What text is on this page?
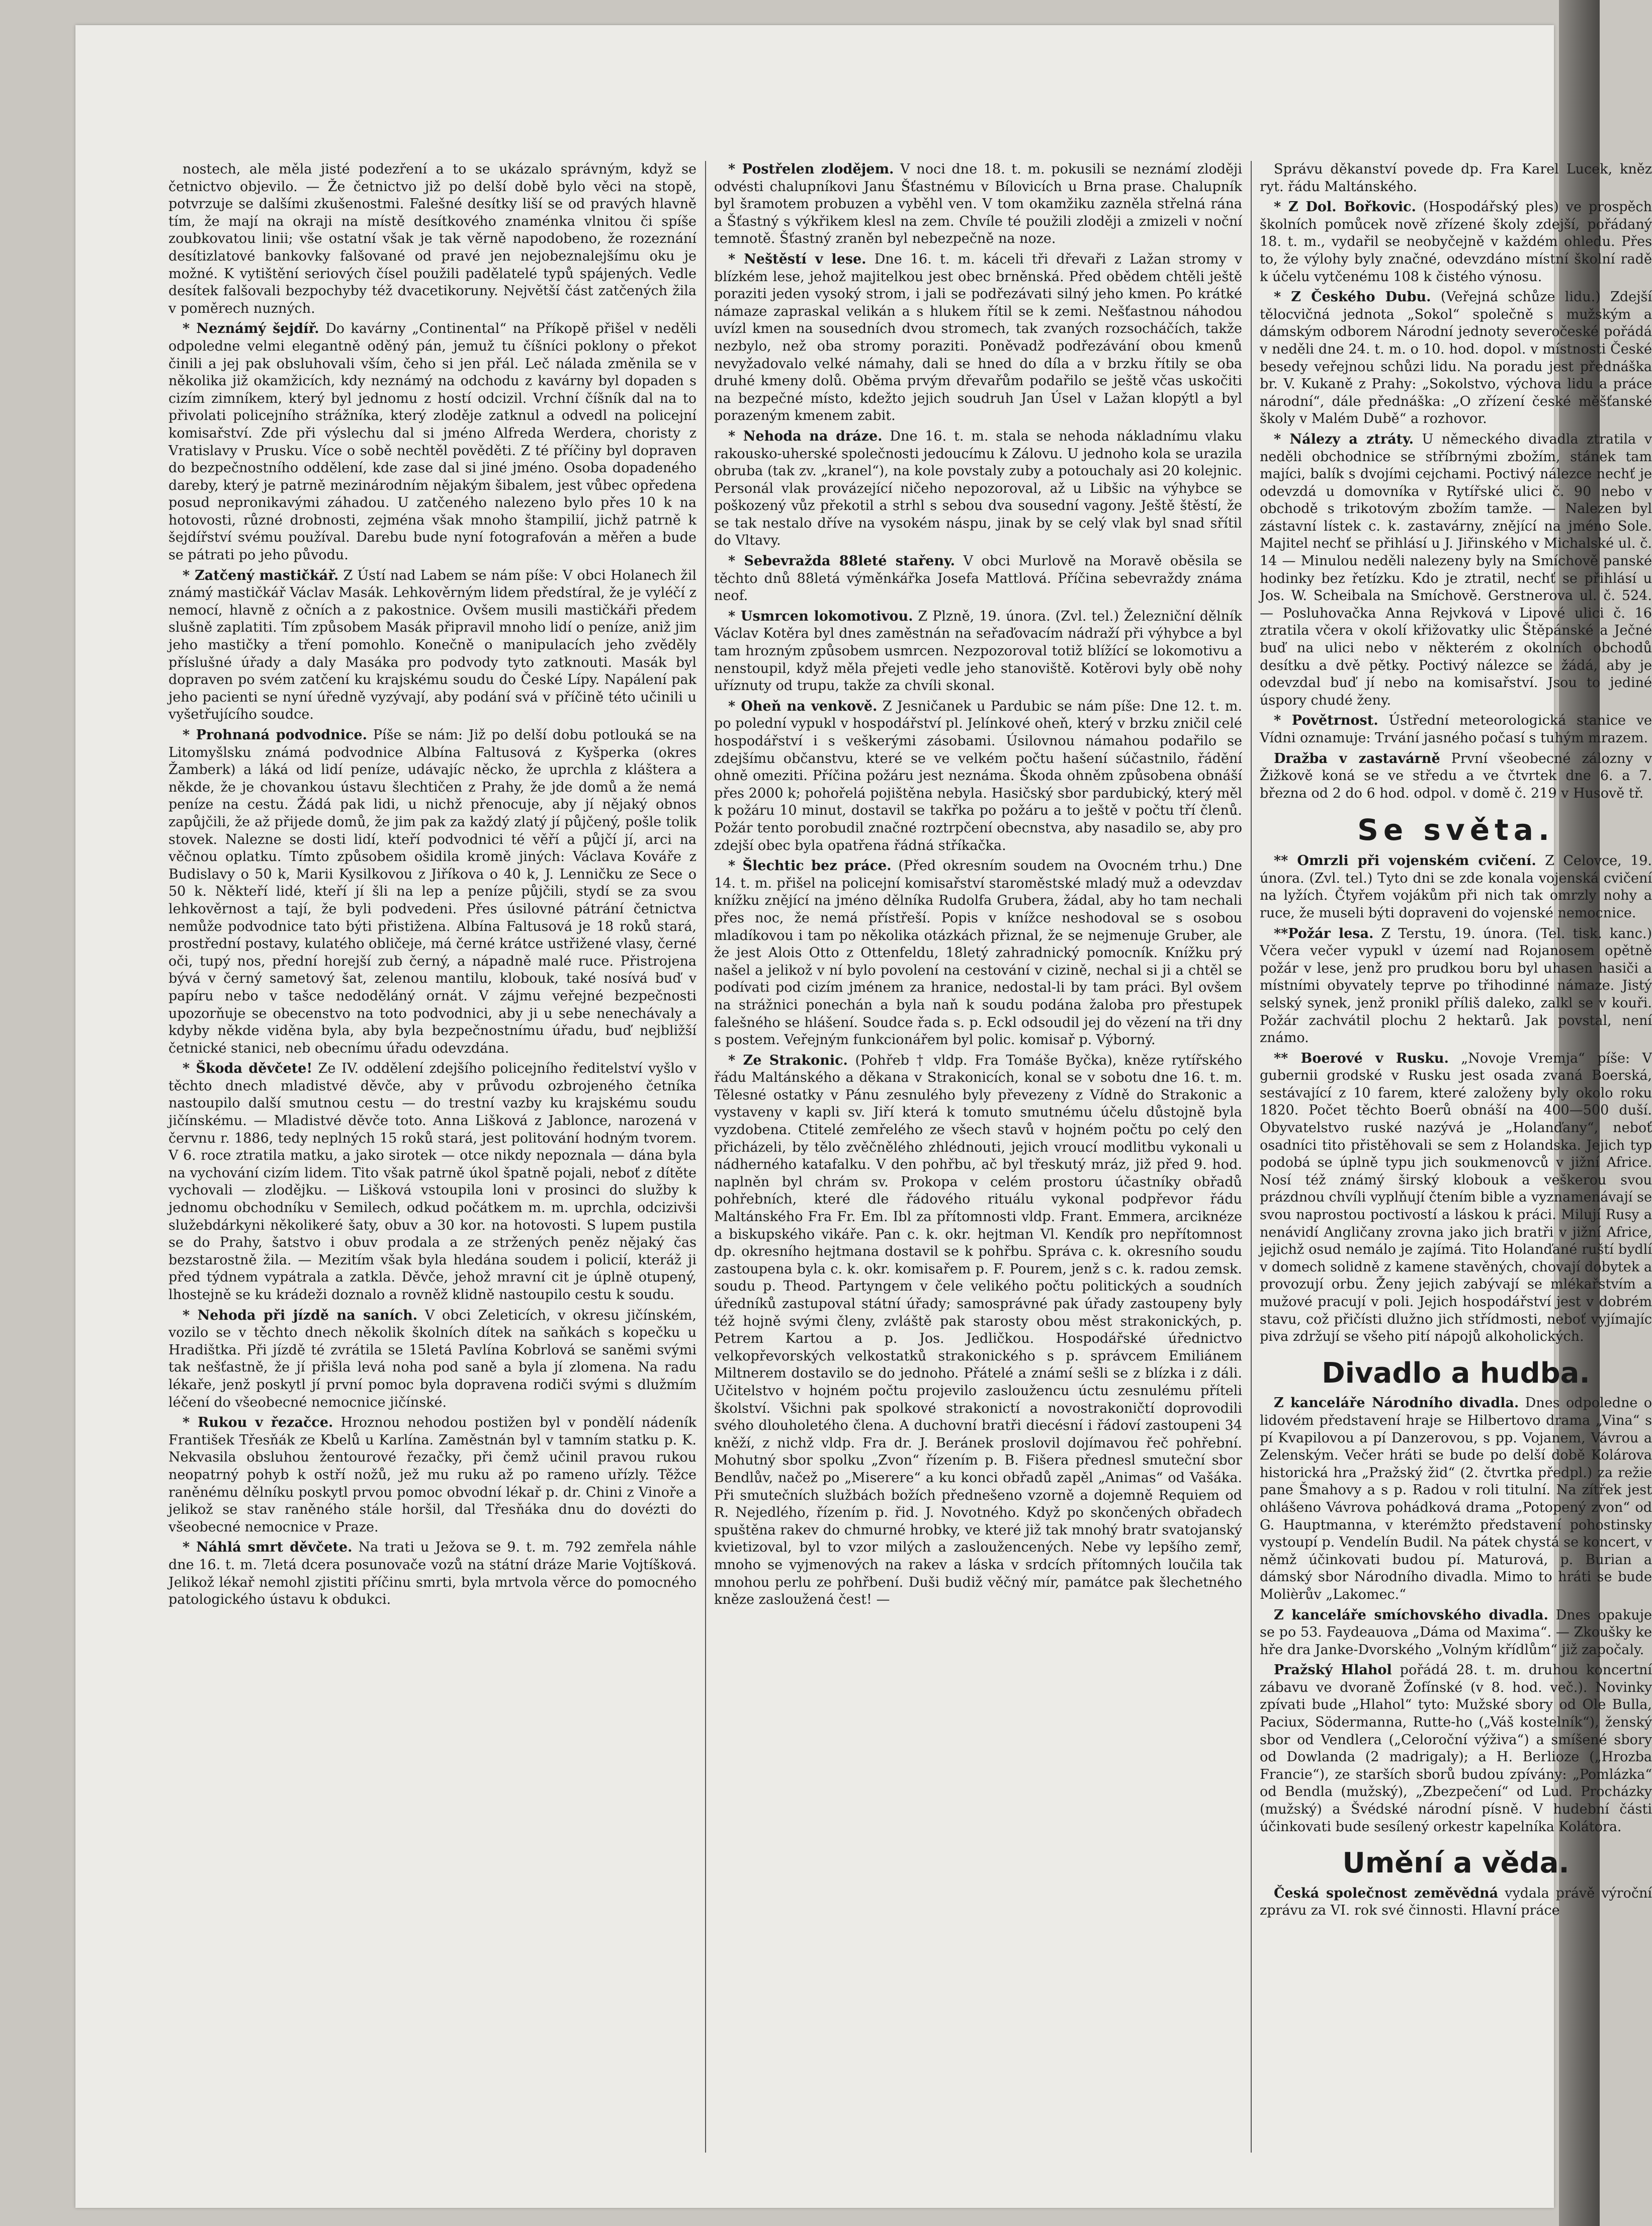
nostech, ale měla jisté podezření a to se ukázalo správným, když se četnictvo objevilo. — Že četnictvo již po delší době bylo věci na stopě, potvrzuje se dalšími zkušenostmi. Falešné desítky liší se od pravých hlavně tím, že mají na okraji na místě desítkového znaménka vlnitou či spíše zoubkovatou linii; vše ostatní však je tak věrně napodobeno, že rozeznání desítizlatové bankovky falšované od pravé jen nejobeznalejšímu oku je možné. K vytištění seriových čísel použili padělatelé typů spájených. Vedle desítek falšovali bezpochyby též dvacetikoruny. Největší část zatčených žila v poměrech nuzných.

* Neznámý šejdíř. Do kavárny „Continental“ na Příkopě přišel v neděli odpoledne velmi elegantně oděný pán, jemuž tu číšníci poklony o překot činili a jej pak obsluhovali vším, čeho si jen přál. Leč nálada změnila se v několika již okamžicích, kdy neznámý na odchodu z kavárny byl dopaden s cizím zimníkem, který byl jednomu z hostí odcizil. Vrchní číšník dal na to přivolati policejního strážníka, který zloděje zatknul a odvedl na policejní komisařství. Zde při výslechu dal si jméno Alfreda Werdera, choristy z Vratislavy v Prusku. Více o sobě nechtěl pověděti. Z té příčiny byl dopraven do bezpečnostního oddělení, kde zase dal si jiné jméno. Osoba dopadeného dareby, který je patrně mezinárodním nějakým šibalem, jest vůbec opředena posud nepronikavými záhadou. U zatčeného nalezeno bylo přes 10 k na hotovosti, různé drobnosti, zejména však mnoho štampilií, jichž patrně k šejdířství svému používal. Darebu bude nyní fotografován a měřen a bude se pátrati po jeho původu.

* Zatčený mastičkář. Z Ústí nad Labem se nám píše: V obci Holanech žil známý mastičkář Václav Masák. Lehkověrným lidem předstíral, že je vyléčí z nemocí, hlavně z očních a z pakostnice. Ovšem musili mastičkáři předem slušně zaplatiti. Tím způsobem Masák připravil mnoho lidí o peníze, aniž jim jeho mastičky a tření pomohlo. Konečně o manipulacích jeho zvěděly příslušné úřady a daly Masáka pro podvody tyto zatknouti. Masák byl dopraven po svém zatčení ku krajskému soudu do České Lípy. Napálení pak jeho pacienti se nyní úředně vyzývají, aby podání svá v příčině této učinili u vyšetřujícího soudce.

* Prohnaná podvodnice. Píše se nám: Již po delší dobu potlouká se na Litomyšlsku známá podvodnice Albína Faltusová z Kyšperka (okres Žamberk) a láká od lidí peníze, udávajíc něcko, že uprchla z kláštera a někde, že je chovankou ústavu šlechtičen z Prahy, že jde domů a že nemá peníze na cestu. Žádá pak lidi, u nichž přenocuje, aby jí nějaký obnos zapůjčili, že až přijede domů, že jim pak za každý zlatý jí půjčený, pošle tolik stovek. Nalezne se dosti lidí, kteří podvodnici té věří a půjčí jí, arci na věčnou oplatku. Tímto způsobem ošidila kromě jiných: Václava Kováře z Budislavy o 50 k, Marii Kysilkovou z Jiříkova o 40 k, J. Lenničku ze Sece o 50 k. Někteří lidé, kteří jí šli na lep a peníze půjčili, stydí se za svou lehkověrnost a tají, že byli podvedeni. Přes úsilovné pátrání četnictva nemůže podvodnice tato býti přistižena. Albína Faltusová je 18 roků stará, prostřední postavy, kulatého obličeje, má černé krátce ustřižené vlasy, černé oči, tupý nos, přední horejší zub černý, a nápadně malé ruce. Přistrojena bývá v černý sametový šat, zelenou mantilu, klobouk, také nosívá buď v papíru nebo v tašce nedoděláný ornát. V zájmu veřejné bezpečnosti upozorňuje se obecenstvo na toto podvodnici, aby ji u sebe nenechávaly a kdyby někde viděna byla, aby byla bezpečnostnímu úřadu, buď nejbližší četnické stanici, neb obecnímu úřadu odevzdána.

* Škoda děvčete! Ze IV. oddělení zdejšího policejního ředitelství vyšlo v těchto dnech mladistvé děvče, aby v průvodu ozbrojeného četníka nastoupilo další smutnou cestu — do trestní vazby ku krajskému soudu jičínskému. — Mladistvé děvče toto. Anna Lišková z Jablonce, narozená v červnu r. 1886, tedy neplných 15 roků stará, jest politování hodným tvorem. V 6. roce ztratila matku, a jako sirotek — otce nikdy nepoznala — dána byla na vychování cizím lidem. Tito však patrně úkol špatně pojali, neboť z dítěte vychovali — zlodějku. — Lišková vstoupila loni v prosinci do služby k jednomu obchodníku v Semilech, odkud počátkem m. m. uprchla, odcizivši služebdárkyni několikeré šaty, obuv a 30 kor. na hotovosti. S lupem pustila se do Prahy, šatstvo i obuv prodala a ze stržených peněz nějaký čas bezstarostně žila. — Mezitím však byla hledána soudem i policií, kteráž ji před týdnem vypátrala a zatkla. Děvče, jehož mravní cit je úplně otupený, lhostejně se ku krádeži doznalo a rovněž klidně nastoupilo cestu k soudu.

* Nehoda při jízdě na saních. V obci Zeleticích, v okresu jičínském, vozilo se v těchto dnech několik školních dítek na saňkách s kopečku u Hradištka. Při jízdě té zvrátila se 15letá Pavlína Kobrlová se saněmi svými tak nešťastně, že jí přišla levá noha pod saně a byla jí zlomena. Na radu lékaře, jenž poskytl jí první pomoc byla dopravena rodiči svými s dlužmím léčení do všeobecné nemocnice jičínské.

* Rukou v řezačce. Hroznou nehodou postižen byl v pondělí nádeník František Třesňák ze Kbelů u Karlína. Zaměstnán byl v tamním statku p. K. Nekvasila obsluhou žentourové řezačky, při čemž učinil pravou rukou neopatrný pohyb k ostří nožů, jež mu ruku až po rameno uřízly. Těžce raněnému dělníku poskytl prvou pomoc obvodní lékař p. dr. Chini z Vinoře a jelikož se stav raněného stále horšil, dal Třesňáka dnu do dovézti do všeobecné nemocnice v Praze.

* Náhlá smrt děvčete. Na trati u Ježova se 9. t. m. 792 zemřela náhle dne 16. t. m. 7letá dcera posunovače vozů na státní dráze Marie Vojtíšková. Jelikož lékař nemohl zjistiti příčinu smrti, byla mrtvola věrce do pomocného patologického ústavu k obdukci.

* Postřelen zlodějem. V noci dne 18. t. m. pokusili se neznámí zloději odvésti chalupníkovi Janu Šťastnému v Bílovicích u Brna prase. Chalupník byl šramotem probuzen a vyběhl ven. V tom okamžiku zazněla střelná rána a Šťastný s výkřikem klesl na zem. Chvíle té použili zloději a zmizeli v noční temnotě. Šťastný zraněn byl nebezpečně na noze.

* Neštěstí v lese. Dne 16. t. m. káceli tři dřevaři z Lažan stromy v blízkém lese, jehož majitelkou jest obec brněnská. Před obědem chtěli ještě poraziti jeden vysoký strom, i jali se podřezávati silný jeho kmen. Po krátké námaze zapraskal velikán a s hlukem řítil se k zemi. Nešťastnou náhodou uvízl kmen na sousedních dvou stromech, tak zvaných rozsocháčích, takže nezbylo, než oba stromy poraziti. Poněvadž podřezávání obou kmenů nevyžadovalo velké námahy, dali se hned do díla a v brzku řítily se oba druhé kmeny dolů. Oběma prvým dřevařům podařilo se ještě včas uskočiti na bezpečné místo, kdežto jejich soudruh Jan Úsel v Lažan klopýtl a byl porazeným kmenem zabit.

* Nehoda na dráze. Dne 16. t. m. stala se nehoda nákladnímu vlaku rakousko-uherské společnosti jedoucímu k Zálovu. U jednoho kola se urazila obruba (tak zv. „kranel“), na kole povstaly zuby a potouchaly asi 20 kolejnic. Personál vlak provázející ničeho nepozoroval, až u Libšic na výhybce se poškozený vůz překotil a strhl s sebou dva sousední vagony. Ještě štěstí, že se tak nestalo dříve na vysokém náspu, jinak by se celý vlak byl snad sřítil do Vltavy.

* Sebevražda 88leté stařeny. V obci Murlově na Moravě oběsila se těchto dnů 88letá výměnkářka Josefa Mattlová. Příčina sebevraždy známa neof.

* Usmrcen lokomotivou. Z Plzně, 19. února. (Zvl. tel.) Železniční dělník Václav Kotěra byl dnes zaměstnán na seřaďovacím nádraží při výhybce a byl tam hrozným způsobem usmrcen. Nezpozoroval totiž blížící se lokomotivu a nenstoupil, když měla přejeti vedle jeho stanoviště. Kotěrovi byly obě nohy uříznuty od trupu, takže za chvíli skonal.

* Oheň na venkově. Z Jesničanek u Pardubic se nám píše: Dne 12. t. m. po polední vypukl v hospodářství pl. Jelínkové oheň, který v brzku zničil celé hospodářství i s veškerými zásobami. Úsilovnou námahou podařilo se zdejšímu občanstvu, které se ve velkém počtu hašení súčastnilo, řádění ohně omeziti. Příčina požáru jest neznáma. Škoda ohněm způsobena obnáší přes 2000 k; pohořelá pojištěna nebyla. Hasičský sbor pardubický, který měl k požáru 10 minut, dostavil se takřka po požáru a to ještě v počtu tří členů. Požár tento porobudil značné roztrpčení obecnstva, aby nasadilo se, aby pro zdejší obec byla opatřena řádná stříkačka.

* Šlechtic bez práce. (Před okresním soudem na Ovocném trhu.) Dne 14. t. m. přišel na policejní komisařství staroměstské mladý muž a odevzdav knížku znějící na jméno dělníka Rudolfa Grubera, žádal, aby ho tam nechali přes noc, že nemá přístřeší. Popis v knížce neshodoval se s osobou mladíkovou i tam po několika otázkách přiznal, že se nejmenuje Gruber, ale že jest Alois Otto z Ottenfeldu, 18letý zahradnický pomocník. Knížku prý našel a jelikož v ní bylo povolení na cestování v cizině, nechal si ji a chtěl se podívati pod cizím jménem za hranice, nedostal-li by tam práci. Byl ovšem na strážnici ponechán a byla naň k soudu podána žaloba pro přestupek falešného se hlášení. Soudce řada s. p. Eckl odsoudil jej do vězení na tři dny s postem. Veřejným funkcionářem byl polic. komisař p. Výborný.

* Ze Strakonic. (Pohřeb † vldp. Fra Tomáše Byčka), kněze rytířského řádu Maltánského a děkana v Strakonicích, konal se v sobotu dne 16. t. m. Tělesné ostatky v Pánu zesnulého byly převezeny z Vídně do Strakonic a vystaveny v kapli sv. Jiří která k tomuto smutnému účelu důstojně byla vyzdobena. Ctitelé zemřelého ze všech stavů v hojném počtu po celý den přicházeli, by tělo zvěčnělého zhlédnouti, jejich vroucí modlitbu vykonali u nádherného katafalku. V den pohřbu, ač byl třeskutý mráz, již před 9. hod. naplněn byl chrám sv. Prokopa v celém prostoru účastníky obřadů pohřebních, které dle řádového rituálu vykonal podpřevor řádu Maltánského Fra Fr. Em. Ibl za přítomnosti vldp. Frant. Emmera, arciknéze a biskupského vikáře. Pan c. k. okr. hejtman Vl. Kendík pro nepřítomnost dp. okresního hejtmana dostavil se k pohřbu. Správa c. k. okresního soudu zastoupena byla c. k. okr. komisařem p. F. Pourem, jenž s c. k. radou zemsk. soudu p. Theod. Partyngem v čele velikého počtu politických a soudních úředníků zastupoval státní úřady; samosprávné pak úřady zastoupeny byly též hojně svými členy, zvláště pak starosty obou měst strakonických, p. Petrem Kartou a p. Jos. Jedličkou. Hospodářské úřednictvo velkopřevorských velkostatků strakonického s p. správcem Emiliánem Miltnerem dostavilo se do jednoho. Přátelé a známí sešli se z blízka i z dáli. Učitelstvo v hojném počtu projevilo zasloužencu úctu zesnulému příteli školství. Všichni pak spolkové strakonictí a novostrakoničtí doprovodili svého dlouholetého člena. A duchovní bratři diecésní i řádoví zastoupeni 34 kněží, z nichž vldp. Fra dr. J. Beránek proslovil dojímavou řeč pohřební. Mohutný sbor spolku „Zvon“ řízením p. B. Fišera přednesl smuteční sbor Bendlův, načež po „Miserere“ a ku konci obřadů zapěl „Animas“ od Vašáka. Při smutečních službách božích přednešeno vzorně a dojemně Requiem od R. Nejedlého, řízením p. řid. J. Novotného. Když po skončených obřadech spuštěna rakev do chmurné hrobky, ve které již tak mnohý bratr svatojanský kvietizoval, byl to vzor milých a zasloužencených. Nebe vy lepšího zemř, mnoho se vyjmenových na rakev a láska v srdcích přítomných loučila tak mnohou perlu ze pohřbení. Duši budiž věčný mír, památce pak šlechetného kněze zasloužená čest! —

Správu děkanství povede dp. Fra Karel Lucek, kněz ryt. řádu Maltánského.

* Z Dol. Bořkovic. (Hospodářský ples) ve prospěch školních pomůcek nově zřízené školy zdejší, pořádaný 18. t. m., vydařil se neobyčejně v každém ohledu. Přes to, že výlohy byly značné, odevzdáno místní školní radě k účelu vytčenému 108 k čistého výnosu.

* Z Českého Dubu. (Veřejná schůze lidu.) Zdejší tělocvičná jednota „Sokol“ společně s mužským a dámským odborem Národní jednoty severočeské pořádá v neděli dne 24. t. m. o 10. hod. dopol. v místnosti České besedy veřejnou schůzi lidu. Na poradu jest přednáška br. V. Kukaně z Prahy: „Sokolstvo, výchova lidu a práce národní“, dále přednáška: „O zřízení české měšťanské školy v Malém Dubě“ a rozhovor.

* Nálezy a ztráty. U německého divadla ztratila v neděli obchodnice se stříbrnými zbožím, stánek tam majíci, balík s dvojími cejchami. Poctivý nálezce nechť je odevzdá u domovníka v Rytířské ulici č. 90 nebo v obchodě s trikotovým zbožím tamže. — Nalezen byl zástavní lístek c. k. zastavárny, znějící na jméno Sole. Majitel nechť se přihlásí u J. Jiřinského v Michalské ul. č. 14 — Minulou neděli nalezeny byly na Smíchově panské hodinky bez řetízku. Kdo je ztratil, nechť se přihlásí u Jos. W. Scheibala na Smíchově. Gerstnerova ul. č. 524. — Posluhovačka Anna Rejvková v Lipové ulici č. 16 ztratila včera v okolí křižovatky ulic Štěpánské a Ječné buď na ulici nebo v některém z okolních obchodů desítku a dvě pětky. Poctivý nálezce se žádá, aby je odevzdal buď jí nebo na komisařství. Jsou to jediné úspory chudé ženy.

* Povětrnost. Ústřední meteorologická stanice ve Vídni oznamuje: Trvání jasného počasí s tuhým mrazem.

Dražba v zastavárně První všeobecné zálozny v Žižkově koná se ve středu a ve čtvrtek dne 6. a 7. března od 2 do 6 hod. odpol. v domě č. 219 v Husově tř.

Se světa.

** Omrzli při vojenském cvičení. Z Celovce, 19. února. (Zvl. tel.) Tyto dni se zde konala vojenská cvičení na lyžích. Čtyřem vojákům při nich tak omrzly nohy a ruce, že museli býti dopraveni do vojenské nemocnice.

**Požár lesa. Z Terstu, 19. února. (Tel. tisk. kanc.) Včera večer vypukl v území nad Rojanosem opětně požár v lese, jenž pro prudkou boru byl uhasen hasiči a místními obyvately teprve po třihodinné námaze. Jistý selský synek, jenž pronikl příliš daleko, zalkl se v kouři. Požár zachvátil plochu 2 hektarů. Jak povstal, není známo.

** Boerové v Rusku. „Novoje Vremja“ píše: V gubernii grodské v Rusku jest osada zvaná Boerská, sestávající z 10 farem, které založeny byly okolo roku 1820. Počet těchto Boerů obnáší na 400—500 duší. Obyvatelstvo ruské nazývá je „Holanďany“, neboť osadníci tito přistěhovali se sem z Holandska. Jejich typ podobá se úplně typu jich soukmenovců v jižní Africe. Nosí též známý širský klobouk a veškerou svou prázdnou chvíli vyplňují čtením bible a vyznamenávají se svou naprostou poctivostí a láskou k práci. Milují Rusy a nenávidí Angličany zrovna jako jich bratři v jižní Africe, jejichž osud nemálo je zajímá. Tito Holanďané ruští bydlí v domech solidně z kamene stavěných, chovají dobytek a provozují orbu. Ženy jejich zabývají se mlékařstvím a mužové pracují v poli. Jejich hospodářství jest v dobrém stavu, což přičísti dlužno jich střídmosti, neboť vyjímajíc piva zdržují se všeho pití nápojů alkoholických.

Divadlo a hudba.

Z kanceláře Národního divadla. Dnes odpoledne o lidovém představení hraje se Hilbertovo drama „Vina“ s pí Kvapilovou a pí Danzerovou, s pp. Vojanem, Vávrou a Zelenským. Večer hráti se bude po delší době Kolárova historická hra „Pražský žid“ (2. čtvrtka předpl.) za režie pane Šmahovy a s p. Radou v roli titulní. Na zítřek jest ohlášeno Vávrova pohádková drama „Potopený zvon“ od G. Hauptmanna, v kterémžto představení pohostinsky vystoupí p. Vendelín Budil. Na pátek chystá se koncert, v němž účinkovati budou pí. Maturová, p. Burian a dámský sbor Národního divadla. Mimo to hráti se bude Molièrův „Lakomec.“

Z kanceláře smíchovského divadla. Dnes opakuje se po 53. Faydeauova „Dáma od Maxima“. — Zkoušky ke hře dra Janke-Dvorského „Volným křídlům“ již započaly.

Pražský Hlahol pořádá 28. t. m. druhou koncertní zábavu ve dvoraně Žofínské (v 8. hod. več.). Novinky zpívati bude „Hlahol“ tyto: Mužské sbory od Ole Bulla, Paciux, Södermanna, Rutte-ho („Váš kostelník“), ženský sbor od Vendlera („Celoroční výživa“) a smíšené sbory od Dowlanda (2 madrigaly); a H. Berlioze („Hrozba Francie“), ze starších sborů budou zpívány: „Pomlázka“ od Bendla (mužský), „Zbezpečení“ od Lud. Procházky (mužský) a Švédské národní písně. V hudební části účinkovati bude sesílený orkestr kapelníka Kolátora.

Umění a věda.

Česká společnost zeměvědná vydala právě výroční zprávu za VI. rok své činnosti. Hlavní práce
